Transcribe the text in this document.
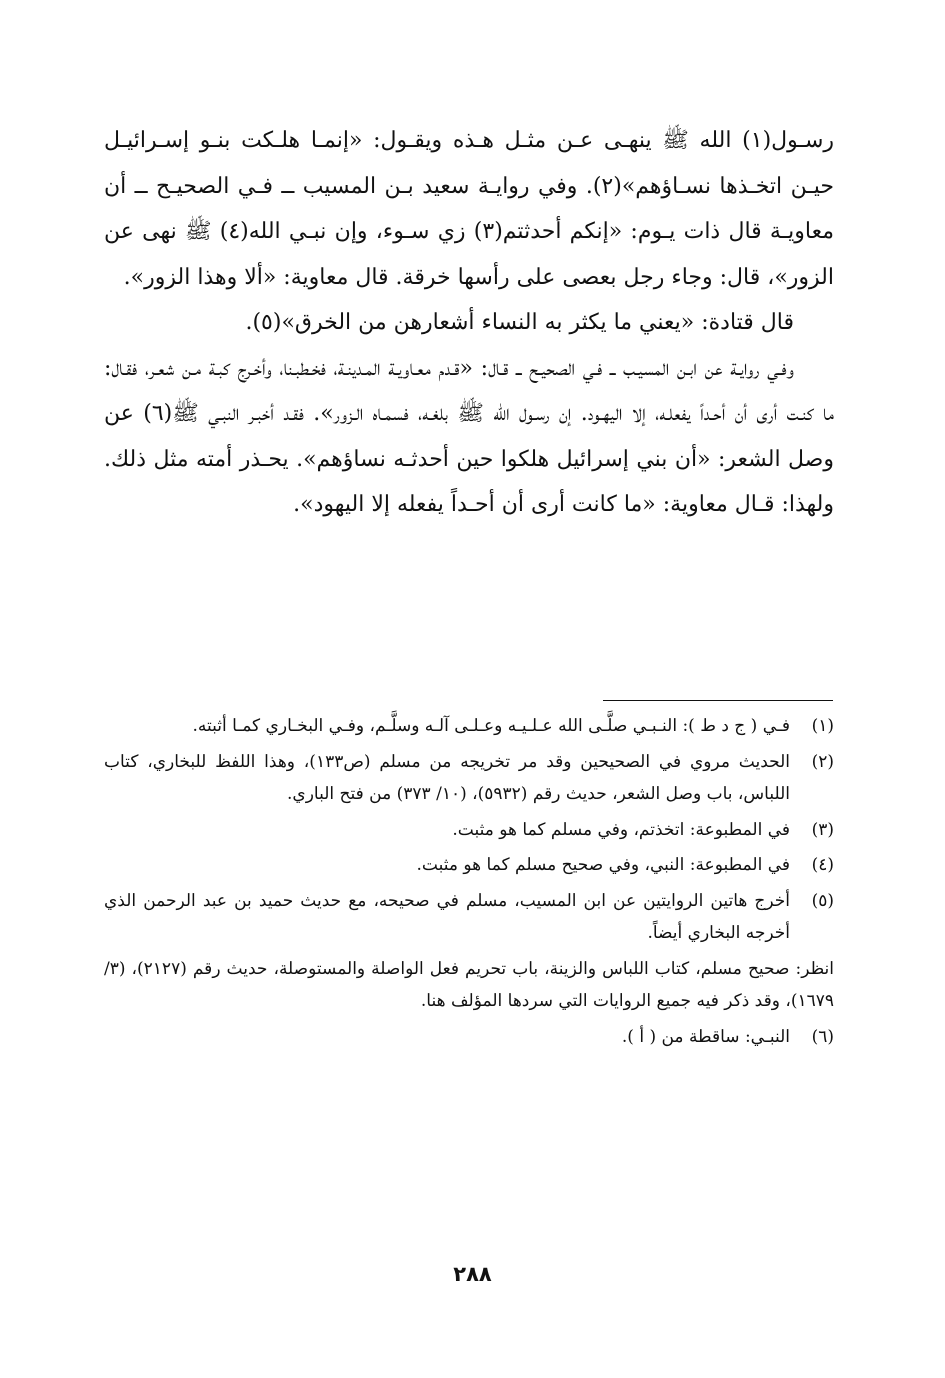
رسـول(١) الله ﷺ ينهـى عـن مثـل هـذه ويقـول: «إنمـا هلـكت بنـو إسـرائيـل حيـن اتخـذها نسـاؤهم»(٢). وفي روايـة سعيد بـن المسيب ــ فـي الصحيـح ــ أن معاويـة قال ذات يـوم: «إنكم أحدثتم(٣) زي سـوء، وإن نبـي الله(٤) ﷺ نهى عن الزور»، قال: وجاء رجل بعصى على رأسها خرقة. قال معاوية: «ألا وهذا الزور».

قال قتادة: «يعني ما يكثر به النساء أشعارهن من الخرق»(٥).

وفـي روايـة عن ابـن المسيـب ــ فـي الصحيـح ــ قـال: «قـدم معـاويـة المـدينـة، فخـطبـنا، وأخـرج كبـة مـن شعـر، فقـال: ما كنـت أرى أن أحـداً يفعلـه، إلا اليهـود. إن رسـول الله ﷺ بلغـه، فسمـاه الـزور». فقـد أخبـر النبـي ﷺ(٦) عن وصل الشعر: «أن بني إسرائيل هلكوا حين أحدثـه نساؤهم». يحـذر أمته مثل ذلك. ولهذا: قـال معاوية: «ما كانت أرى أن أحـداً يفعله إلا اليهود».

(١)

فـي ( ج د ط ): النـبـي صلَّـى الله عـلـيـه وعـلـى آلـه وسلَّـم، وفـي البخـاري كمـا أثبته.

(٢)

الحديث مروي في الصحيحين وقد مر تخريجه من مسلم (ص١٣٣)، وهذا اللفظ للبخاري، كتاب اللباس، باب وصل الشعر، حديث رقم (٥٩٣٢)، (١٠/ ٣٧٣) من فتح الباري.

(٣)

في المطبوعة: اتخذتم، وفي مسلم كما هو مثبت.

(٤)

في المطبوعة: النبي، وفي صحيح مسلم كما هو مثبت.

(٥)

أخرج هاتين الروايتين عن ابن المسيب، مسلم في صحيحه، مع حديث حميد بن عبد الرحمن الذي أخرجه البخاري أيضاً.

انظر: صحيح مسلم، كتاب اللباس والزينة، باب تحريم فعل الواصلة والمستوصلة، حديث رقم (٢١٢٧)، (٣/ ١٦٧٩)، وقد ذكر فيه جميع الروايات التي سردها المؤلف هنا.

(٦)

النبـي: ساقطة من ( أ ).

٢٨٨
